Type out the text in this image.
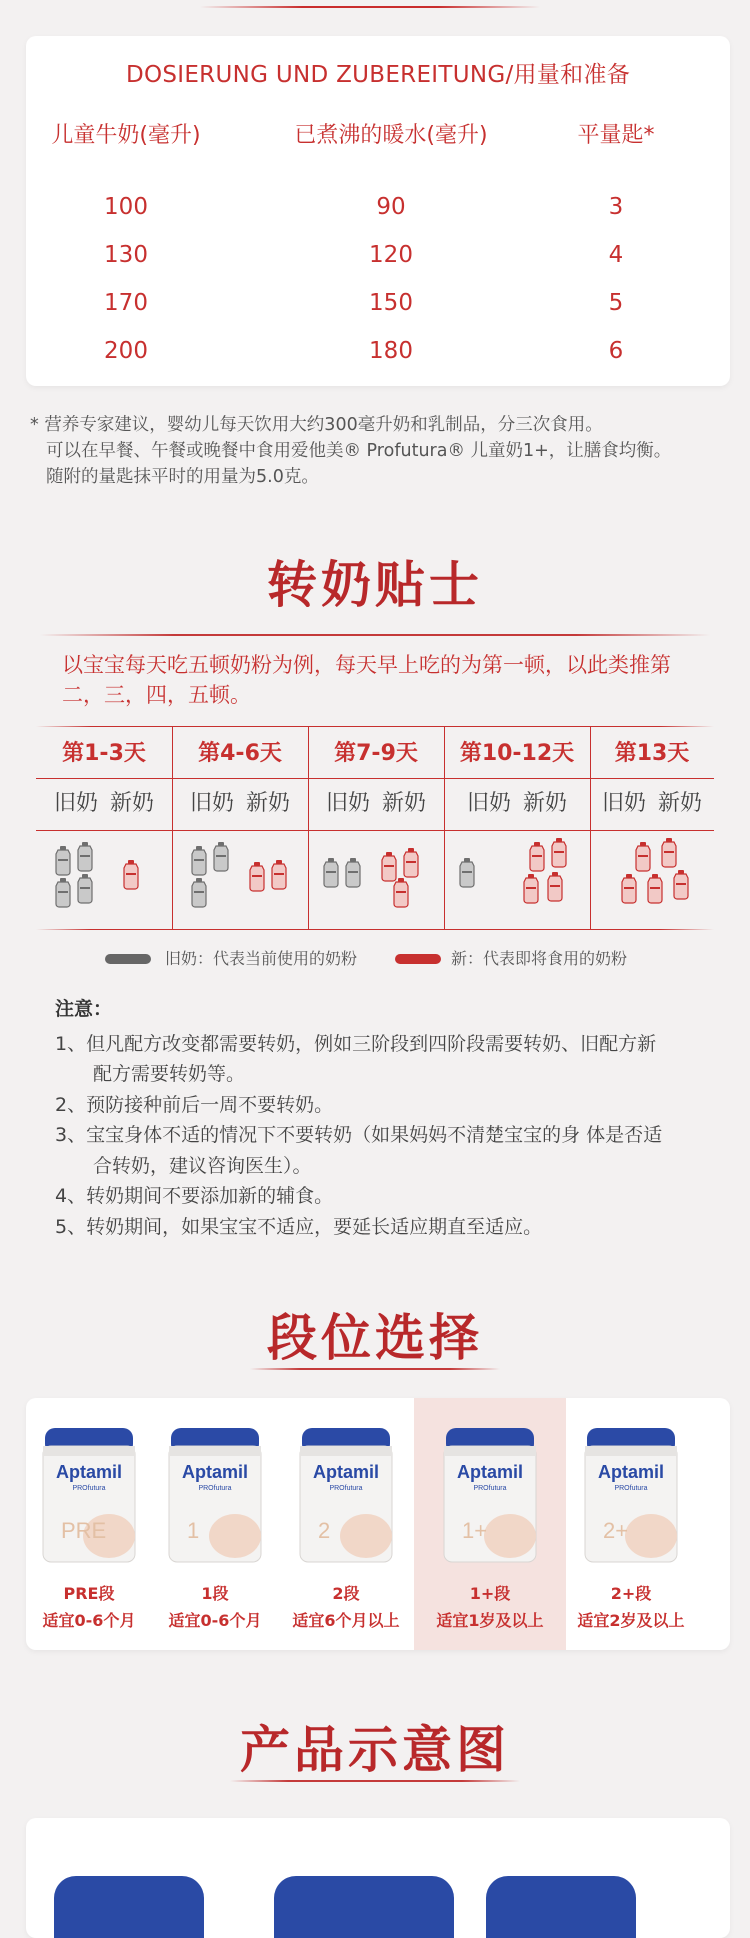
DOSIERUNG UND ZUBEREITUNG/用量和准备
儿童牛奶(毫升)	已煮沸的暖水(毫升)	平量匙*
100	90	3
130	120	4
170	150	5
200	180	6

* 营养专家建议，婴幼儿每天饮用大约300毫升奶和乳制品，分三次食用。

可以在早餐、午餐或晚餐中食用爱他美® Profutura® 儿童奶1+，让膳食均衡。

随附的量匙抹平时的用量为5.0克。

转奶贴士
以宝宝每天吃五顿奶粉为例，每天早上吃的为第一顿，以此类推第二，三，四，五顿。
第1-3天	第4-6天	第7-9天	第10-12天	第13天
旧奶 新奶	旧奶 新奶	旧奶 新奶	旧奶 新奶	旧奶 新奶
旧奶：代表当前使用的奶粉	新：代表即将食用的奶粉
注意：
1、但凡配方改变都需要转奶，例如三阶段到四阶段需要转奶、旧配方新
配方需要转奶等。
2、预防接种前后一周不要转奶。
3、宝宝身体不适的情况下不要转奶（如果妈妈不清楚宝宝的身 体是否适
合转奶，建议咨询医生）。
4、转奶期间不要添加新的辅食。
5、转奶期间，如果宝宝不适应，要延长适应期直至适应。
段位选择
Aptamil
PROfutura
PRE
PRE段
适宜0-6个月
Aptamil
PROfutura
1
1段
适宜0-6个月
Aptamil
PROfutura
2
2段
适宜6个月以上
Aptamil
PROfutura
1+
1+段
适宜1岁及以上
Aptamil
PROfutura
2+
2+段
适宜2岁及以上
产品示意图
